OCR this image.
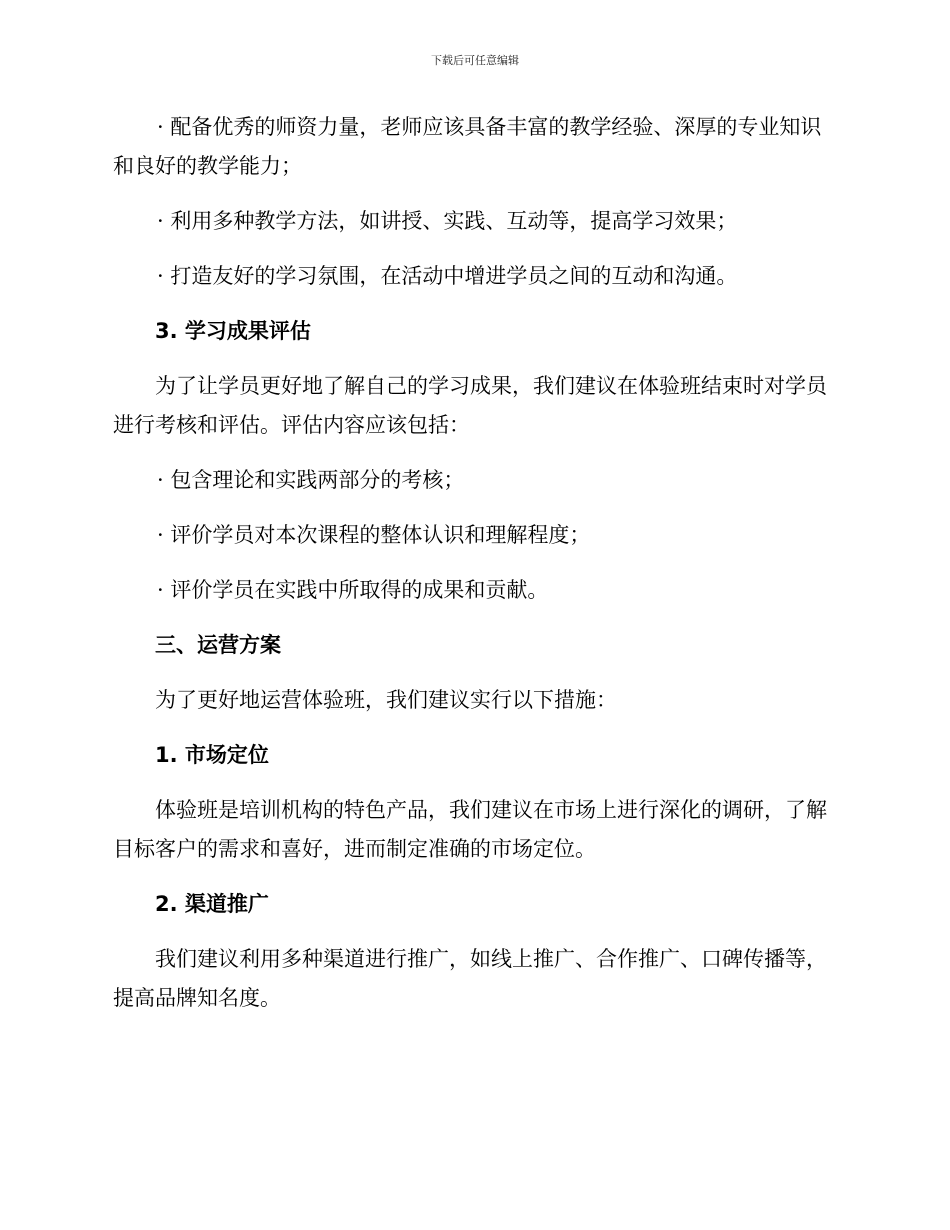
下载后可任意编辑

· 配备优秀的师资力量，老师应该具备丰富的教学经验、深厚的专业知识和良好的教学能力；

· 利用多种教学方法，如讲授、实践、互动等，提高学习效果；

· 打造友好的学习氛围，在活动中增进学员之间的互动和沟通。

3. 学习成果评估

为了让学员更好地了解自己的学习成果，我们建议在体验班结束时对学员进行考核和评估。评估内容应该包括：

· 包含理论和实践两部分的考核；

· 评价学员对本次课程的整体认识和理解程度；

· 评价学员在实践中所取得的成果和贡献。

三、运营方案

为了更好地运营体验班，我们建议实行以下措施：

1. 市场定位

体验班是培训机构的特色产品，我们建议在市场上进行深化的调研，了解目标客户的需求和喜好，进而制定准确的市场定位。

2. 渠道推广

我们建议利用多种渠道进行推广，如线上推广、合作推广、口碑传播等，提高品牌知名度。
